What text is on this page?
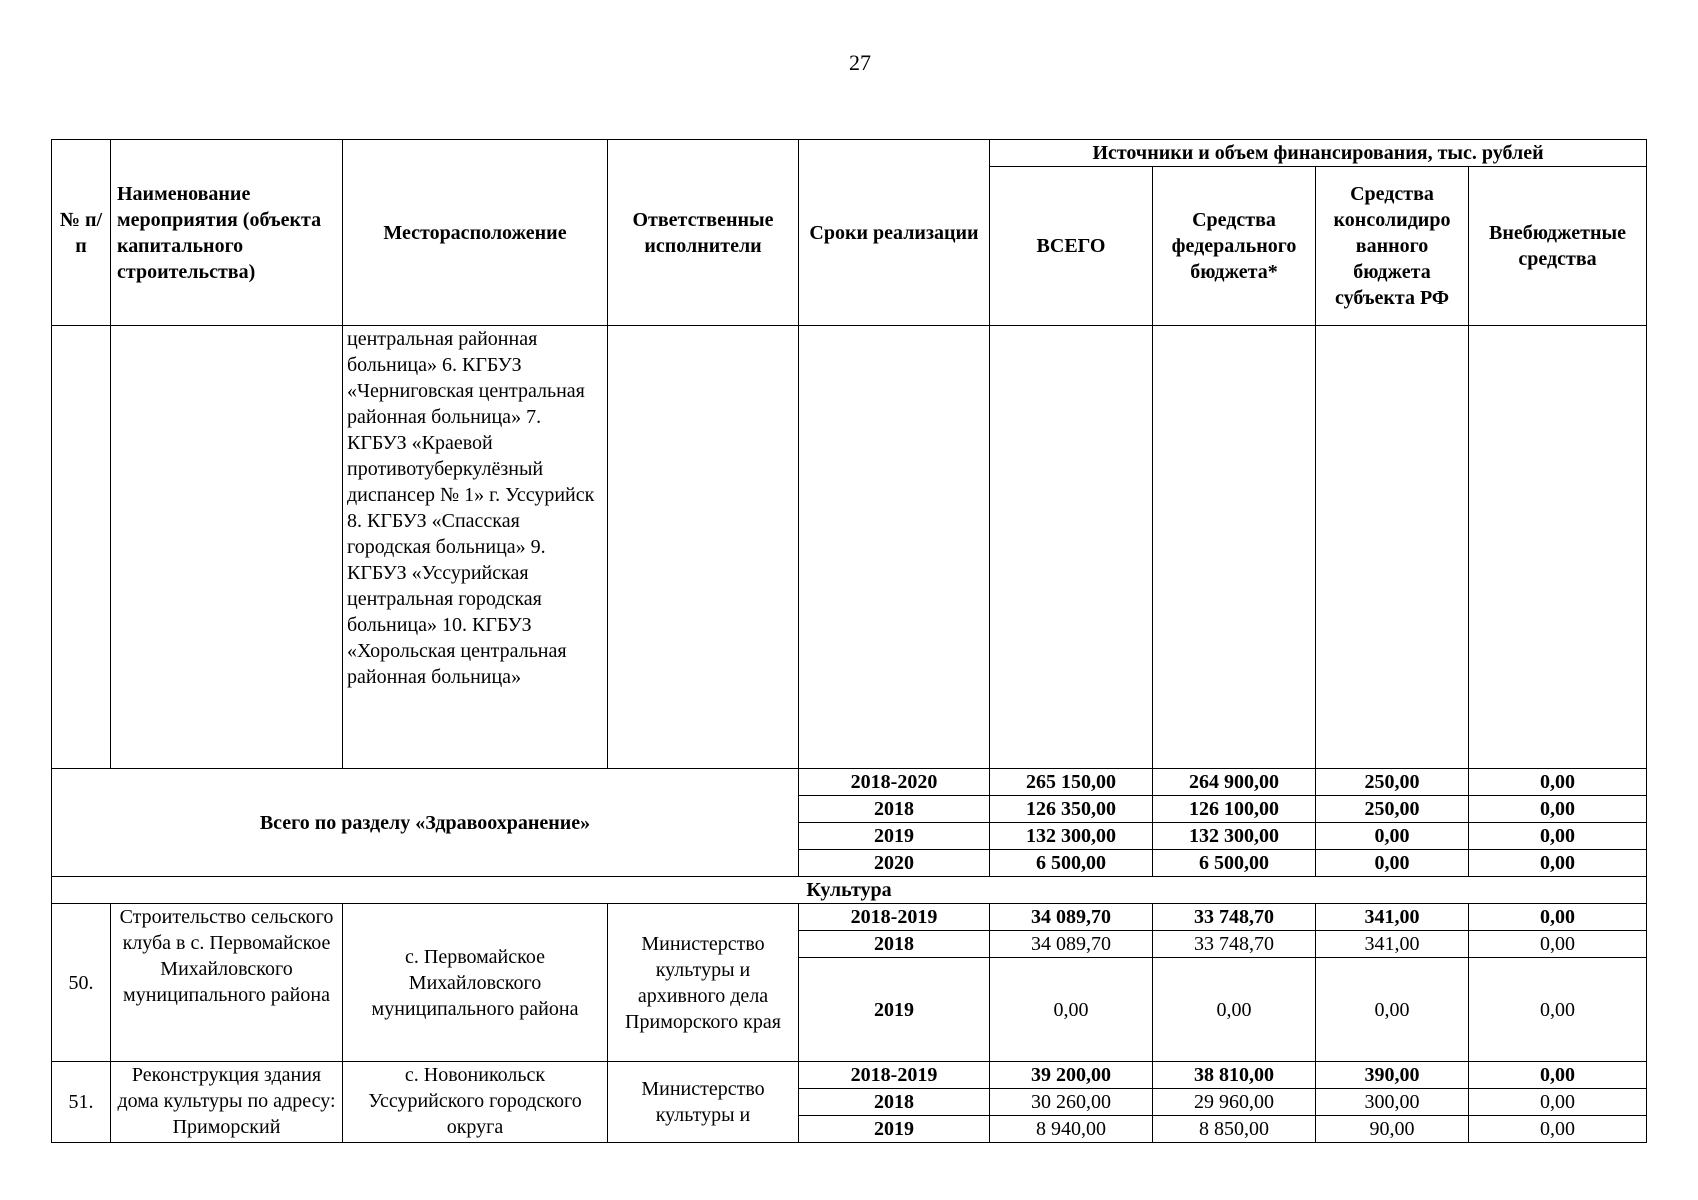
27
№ п/п	Наименование мероприятия (объекта капитального строительства)	Месторасположение	Ответственные исполнители	Сроки реализации	Источники и объем финансирования, тыс. рублей			
					ВСЕГО	Средства федерального бюджета*	Средства консолидиро ванного бюджета субъекта РФ	Внебюджетные средства
		центральная районная больница» 6. КГБУЗ «Черниговская центральная районная больница» 7. КГБУЗ «Краевой противотуберкулёзный диспансер № 1» г. Уссурийск 8. КГБУЗ «Спасская городская больница» 9. КГБУЗ «Уссурийская центральная городская больница» 10. КГБУЗ «Хорольская центральная районная больница»						
Всего по разделу «Здравоохранение»				2018-2020	265 150,00	264 900,00	250,00	0,00
				2018	126 350,00	126 100,00	250,00	0,00
				2019	132 300,00	132 300,00	0,00	0,00
				2020	6 500,00	6 500,00	0,00	0,00
Культура								
50.	Строительство сельского клуба в с. Первомайское Михайловского муниципального района	с. Первомайское Михайловского муниципального района	Министерство культуры и архивного дела Приморского края	2018-2019	34 089,70	33 748,70	341,00	0,00
				2018	34 089,70	33 748,70	341,00	0,00
				2019	0,00	0,00	0,00	0,00
51.	Реконструкция здания дома культуры по адресу: Приморский	с. Новоникольск Уссурийского городского округа	Министерство культуры и	2018-2019	39 200,00	38 810,00	390,00	0,00
				2018	30 260,00	29 960,00	300,00	0,00
				2019	8 940,00	8 850,00	90,00	0,00
